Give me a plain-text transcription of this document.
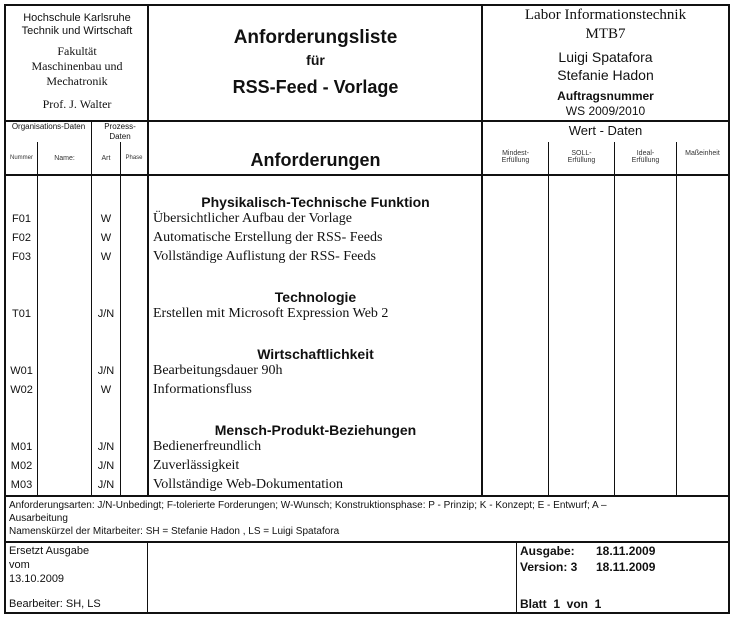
Hochschule Karlsruhe
Technik und Wirtschaft
Fakultät
Maschinenbau und
Mechatronik
Prof. J. Walter
Anforderungsliste
für
RSS-Feed - Vorlage
Labor Informationstechnik
MTB7
Luigi Spatafora
Stefanie Hadon
Auftragsnummer
WS 2009/2010
Organisations-Daten	Prozess-Daten
Nummer	Name:	Art	Phase	Anforderungen
Wert - Daten
Mindest-Erfüllung
SOLL-Erfüllung
Ideal-Erfüllung
Maßeinheit
Physikalisch-Technische Funktion
F01	W	Übersichtlicher Aufbau der Vorlage
F02	W	Automatische Erstellung der RSS- Feeds
F03	W	Vollständige Auflistung der RSS- Feeds
Technologie
T01	J/N	Erstellen mit Microsoft Expression Web 2
Wirtschaftlichkeit
W01	J/N	Bearbeitungsdauer 90h
W02	W	Informationsfluss
Mensch-Produkt-Beziehungen
M01	J/N	Bedienerfreundlich
M02	J/N	Zuverlässigkeit
M03	J/N	Vollständige Web-Dokumentation
Anforderungsarten: J/N-Unbedingt; F-tolerierte Forderungen; W-Wunsch; Konstruktionsphase: P - Prinzip; K - Konzept; E - Entwurf; A –
Ausarbeitung
Namenskürzel der Mitarbeiter: SH = Stefanie Hadon , LS = Luigi Spatafora
Ersetzt Ausgabe
vom
13.10.2009
Bearbeiter: SH, LS
Ausgabe: 18.11.2009
Version: 3 18.11.2009
Blatt  1  von  1
